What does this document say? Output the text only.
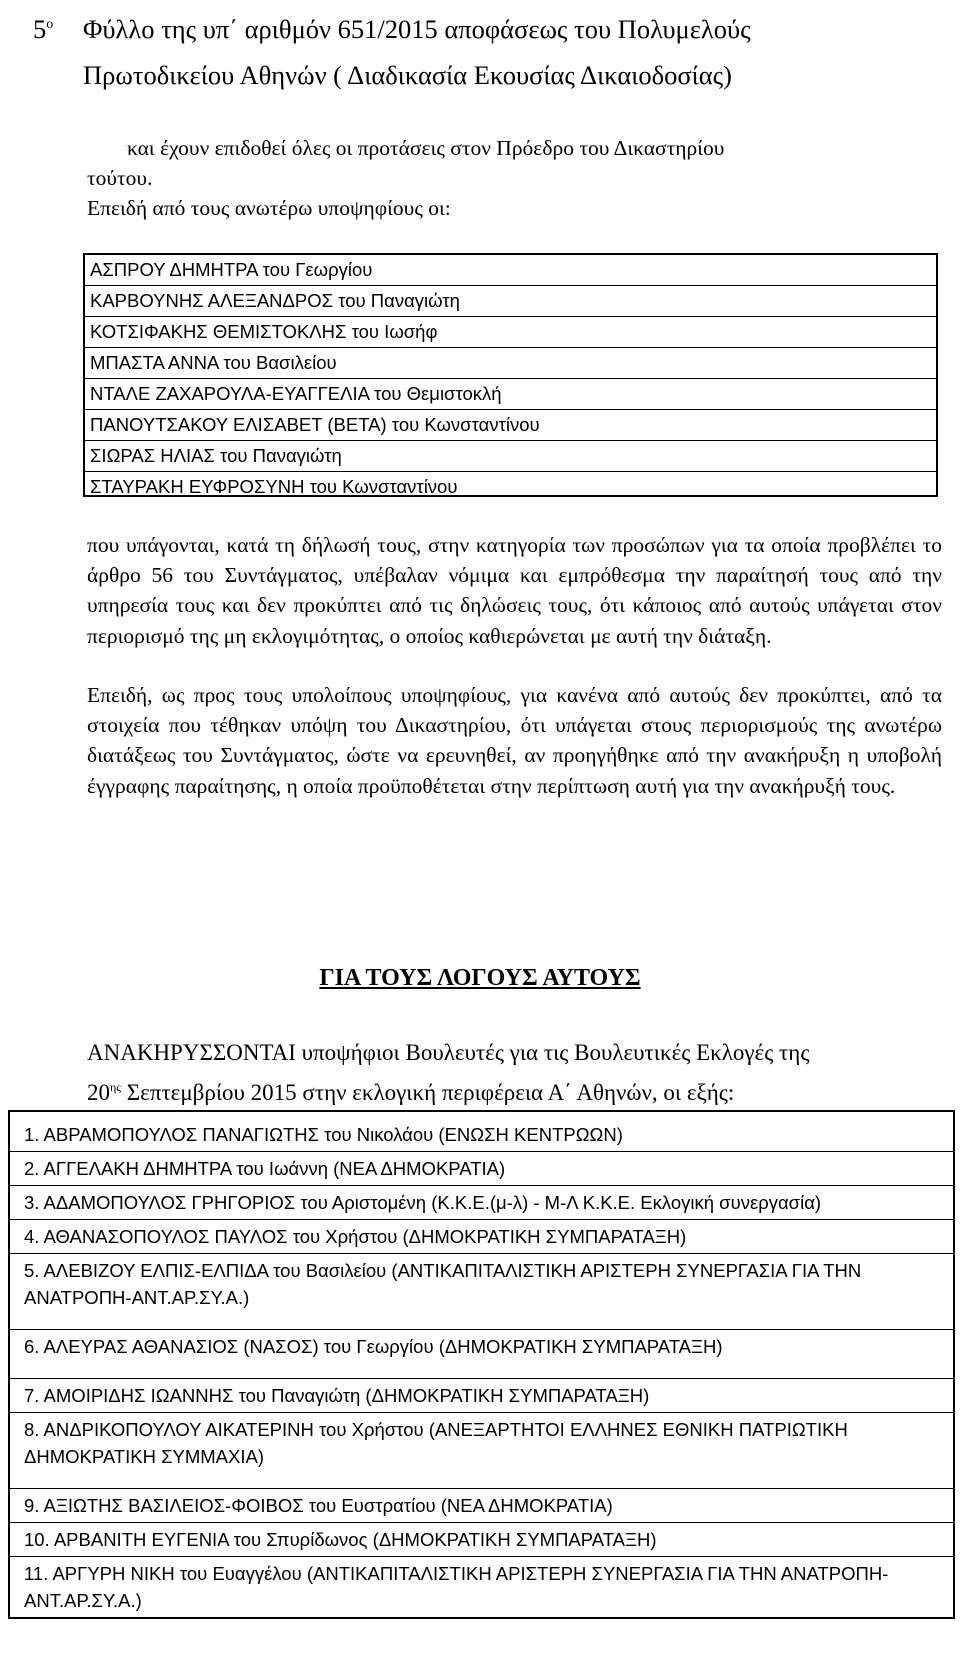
$5^o$ Φύλλο της υπ΄ αριθμόν 651/2015 αποφάσεως του Πολυμελούς
Πρωτοδικείου Αθηνών ( Διαδικασία Εκουσίας Δικαιοδοσίας)
και έχουν επιδοθεί όλες οι προτάσεις στον Πρόεδρο του Δικαστηρίου
τούτου.
Επειδή από τους ανωτέρω υποψηφίους οι:
ΑΣΠΡΟΥ ΔΗΜΗΤΡΑ του Γεωργίου
ΚΑΡΒΟΥΝΗΣ ΑΛΕΞΑΝΔΡΟΣ του Παναγιώτη
ΚΟΤΣΙΦΑΚΗΣ ΘΕΜΙΣΤΟΚΛΗΣ του Ιωσήφ
ΜΠΑΣΤΑ ΑΝΝΑ του Βασιλείου
ΝΤΑΛΕ ΖΑΧΑΡΟΥΛΑ-ΕΥΑΓΓΕΛΙΑ του Θεμιστοκλή
ΠΑΝΟΥΤΣΑΚΟΥ ΕΛΙΣΑΒΕΤ (ΒΕΤΑ) του Κωνσταντίνου
ΣΙΩΡΑΣ ΗΛΙΑΣ του Παναγιώτη
ΣΤΑΥΡΑΚΗ ΕΥΦΡΟΣΥΝΗ του Κωνσταντίνου
που υπάγονται, κατά τη δήλωσή τους, στην κατηγορία των προσώπων για τα οποία προβλέπει το άρθρο 56 του Συντάγματος, υπέβαλαν νόμιμα και εμπρόθεσμα την παραίτησή τους από την υπηρεσία τους και δεν προκύπτει από τις δηλώσεις τους, ότι κάποιος από αυτούς υπάγεται στον περιορισμό της μη εκλογιμότητας, ο οποίος καθιερώνεται με αυτή την διάταξη.
Επειδή, ως προς τους υπολοίπους υποψηφίους, για κανένα από αυτούς δεν προκύπτει, από τα στοιχεία που τέθηκαν υπόψη του Δικαστηρίου, ότι υπάγεται στους περιορισμούς της ανωτέρω διατάξεως του Συντάγματος, ώστε να ερευνηθεί, αν προηγήθηκε από την ανακήρυξη η υποβολή έγγραφης παραίτησης, η οποία προϋποθέτεται στην περίπτωση αυτή για την ανακήρυξή τους.
ΓΙΑ ΤΟΥΣ ΛΟΓΟΥΣ ΑΥΤΟΥΣ
ΑΝΑΚΗΡΥΣΣΟΝΤΑΙ υποψήφιοι Βουλευτές για τις Βουλευτικές Εκλογές της
$20^{\eta\varsigma}$ Σεπτεμβρίου 2015 στην εκλογική περιφέρεια Α΄ Αθηνών, οι εξής:
1. ΑΒΡΑΜΟΠΟΥΛΟΣ ΠΑΝΑΓΙΩΤΗΣ του Νικολάου (ΕΝΩΣΗ ΚΕΝΤΡΩΩΝ)
2. ΑΓΓΕΛΑΚΗ ΔΗΜΗΤΡΑ του Ιωάννη (ΝΕΑ ΔΗΜΟΚΡΑΤΙΑ)
3. ΑΔΑΜΟΠΟΥΛΟΣ ΓΡΗΓΟΡΙΟΣ του Αριστομένη (Κ.Κ.Ε.(μ-λ) - Μ-Λ Κ.Κ.Ε. Εκλογική συνεργασία)
4. ΑΘΑΝΑΣΟΠΟΥΛΟΣ ΠΑΥΛΟΣ του Χρήστου (ΔΗΜΟΚΡΑΤΙΚΗ ΣΥΜΠΑΡΑΤΑΞΗ)
5. ΑΛΕΒΙΖΟΥ ΕΛΠΙΣ-ΕΛΠΙΔΑ του Βασιλείου (ΑΝΤΙΚΑΠΙΤΑΛΙΣΤΙΚΗ ΑΡΙΣΤΕΡΗ ΣΥΝΕΡΓΑΣΙΑ ΓΙΑ ΤΗΝ ΑΝΑΤΡΟΠΗ-ΑΝΤ.ΑΡ.ΣΥ.Α.)
6. ΑΛΕΥΡΑΣ ΑΘΑΝΑΣΙΟΣ (ΝΑΣΟΣ) του Γεωργίου (ΔΗΜΟΚΡΑΤΙΚΗ ΣΥΜΠΑΡΑΤΑΞΗ)
7. ΑΜΟΙΡΙΔΗΣ ΙΩΑΝΝΗΣ του Παναγιώτη (ΔΗΜΟΚΡΑΤΙΚΗ ΣΥΜΠΑΡΑΤΑΞΗ)
8. ΑΝΔΡΙΚΟΠΟΥΛΟΥ ΑΙΚΑΤΕΡΙΝΗ του Χρήστου (ΑΝΕΞΑΡΤΗΤΟΙ ΕΛΛΗΝΕΣ ΕΘΝΙΚΗ ΠΑΤΡΙΩΤΙΚΗ ΔΗΜΟΚΡΑΤΙΚΗ ΣΥΜΜΑΧΙΑ)
9. ΑΞΙΩΤΗΣ ΒΑΣΙΛΕΙΟΣ-ΦΟΙΒΟΣ του Ευστρατίου (ΝΕΑ ΔΗΜΟΚΡΑΤΙΑ)
10. ΑΡΒΑΝΙΤΗ ΕΥΓΕΝΙΑ του Σπυρίδωνος (ΔΗΜΟΚΡΑΤΙΚΗ ΣΥΜΠΑΡΑΤΑΞΗ)
11. ΑΡΓΥΡΗ ΝΙΚΗ του Ευαγγέλου (ΑΝΤΙΚΑΠΙΤΑΛΙΣΤΙΚΗ ΑΡΙΣΤΕΡΗ ΣΥΝΕΡΓΑΣΙΑ ΓΙΑ ΤΗΝ ΑΝΑΤΡΟΠΗ-ΑΝΤ.ΑΡ.ΣΥ.Α.)
